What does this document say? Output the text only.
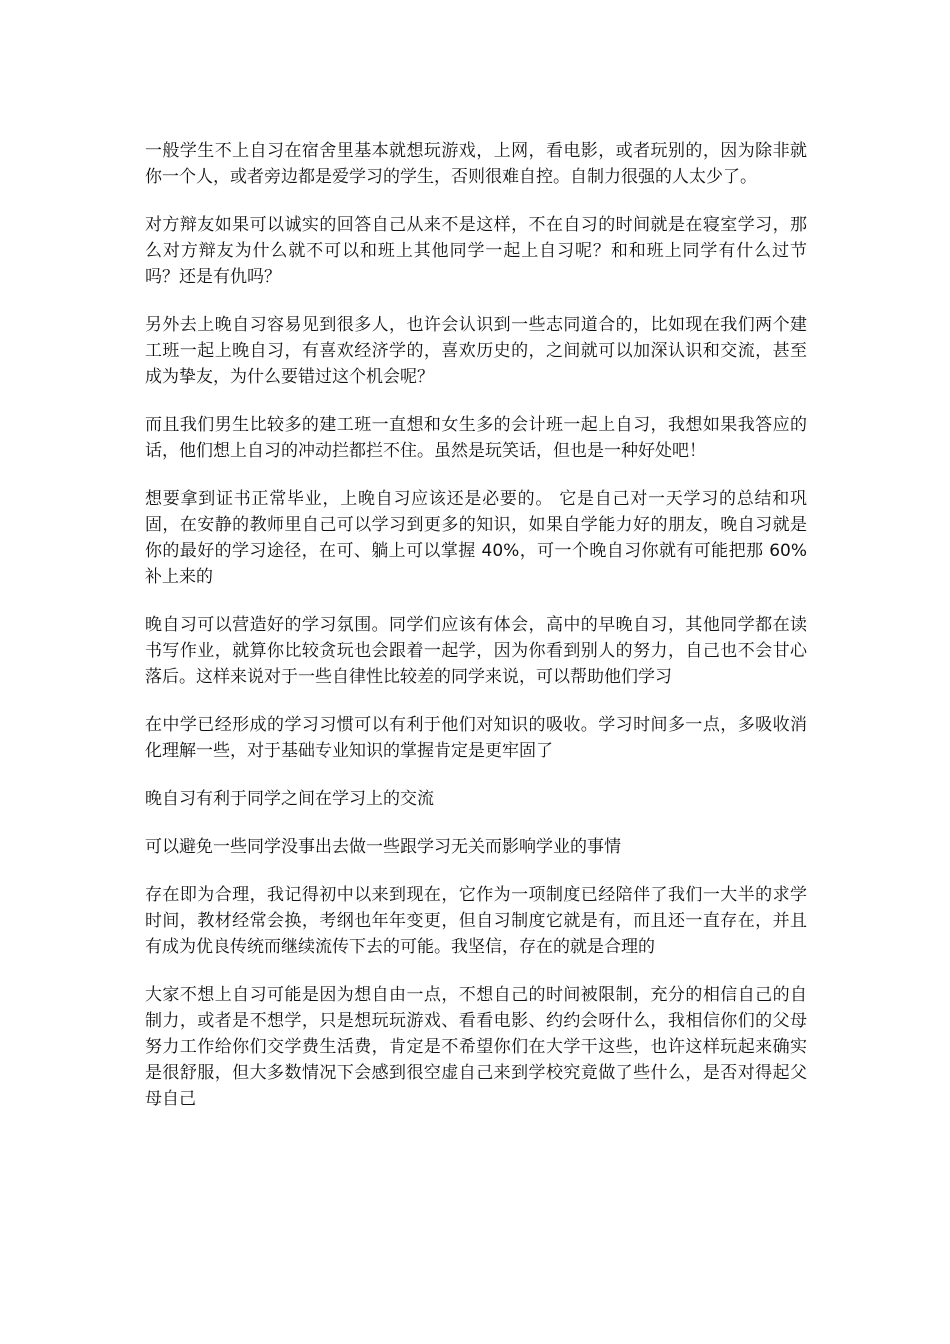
一般学生不上自习在宿舍里基本就想玩游戏，上网，看电影，或者玩别的，因为除非就你一个人，或者旁边都是爱学习的学生，否则很难自控。自制力很强的人太少了。

对方辩友如果可以诚实的回答自己从来不是这样，不在自习的时间就是在寝室学习，那么对方辩友为什么就不可以和班上其他同学一起上自习呢？和和班上同学有什么过节吗？还是有仇吗？

另外去上晚自习容易见到很多人，也许会认识到一些志同道合的，比如现在我们两个建工班一起上晚自习，有喜欢经济学的，喜欢历史的，之间就可以加深认识和交流，甚至成为挚友，为什么要错过这个机会呢？

而且我们男生比较多的建工班一直想和女生多的会计班一起上自习，我想如果我答应的话，他们想上自习的冲动拦都拦不住。虽然是玩笑话，但也是一种好处吧！

想要拿到证书正常毕业，上晚自习应该还是必要的。 它是自己对一天学习的总结和巩固，在安静的教师里自己可以学习到更多的知识，如果自学能力好的朋友，晚自习就是你的最好的学习途径，在可、躺上可以掌握 40%，可一个晚自习你就有可能把那 60%补上来的

晚自习可以营造好的学习氛围。同学们应该有体会，高中的早晚自习，其他同学都在读书写作业，就算你比较贪玩也会跟着一起学，因为你看到别人的努力，自己也不会甘心落后。这样来说对于一些自律性比较差的同学来说，可以帮助他们学习

在中学已经形成的学习习惯可以有利于他们对知识的吸收。学习时间多一点，多吸收消化理解一些，对于基础专业知识的掌握肯定是更牢固了

晚自习有利于同学之间在学习上的交流

可以避免一些同学没事出去做一些跟学习无关而影响学业的事情

存在即为合理，我记得初中以来到现在，它作为一项制度已经陪伴了我们一大半的求学时间，教材经常会换，考纲也年年变更，但自习制度它就是有，而且还一直存在，并且有成为优良传统而继续流传下去的可能。我坚信，存在的就是合理的

大家不想上自习可能是因为想自由一点，不想自己的时间被限制，充分的相信自己的自制力，或者是不想学，只是想玩玩游戏、看看电影、约约会呀什么，我相信你们的父母努力工作给你们交学费生活费，肯定是不希望你们在大学干这些，也许这样玩起来确实是很舒服，但大多数情况下会感到很空虚自己来到学校究竟做了些什么，是否对得起父母自己
